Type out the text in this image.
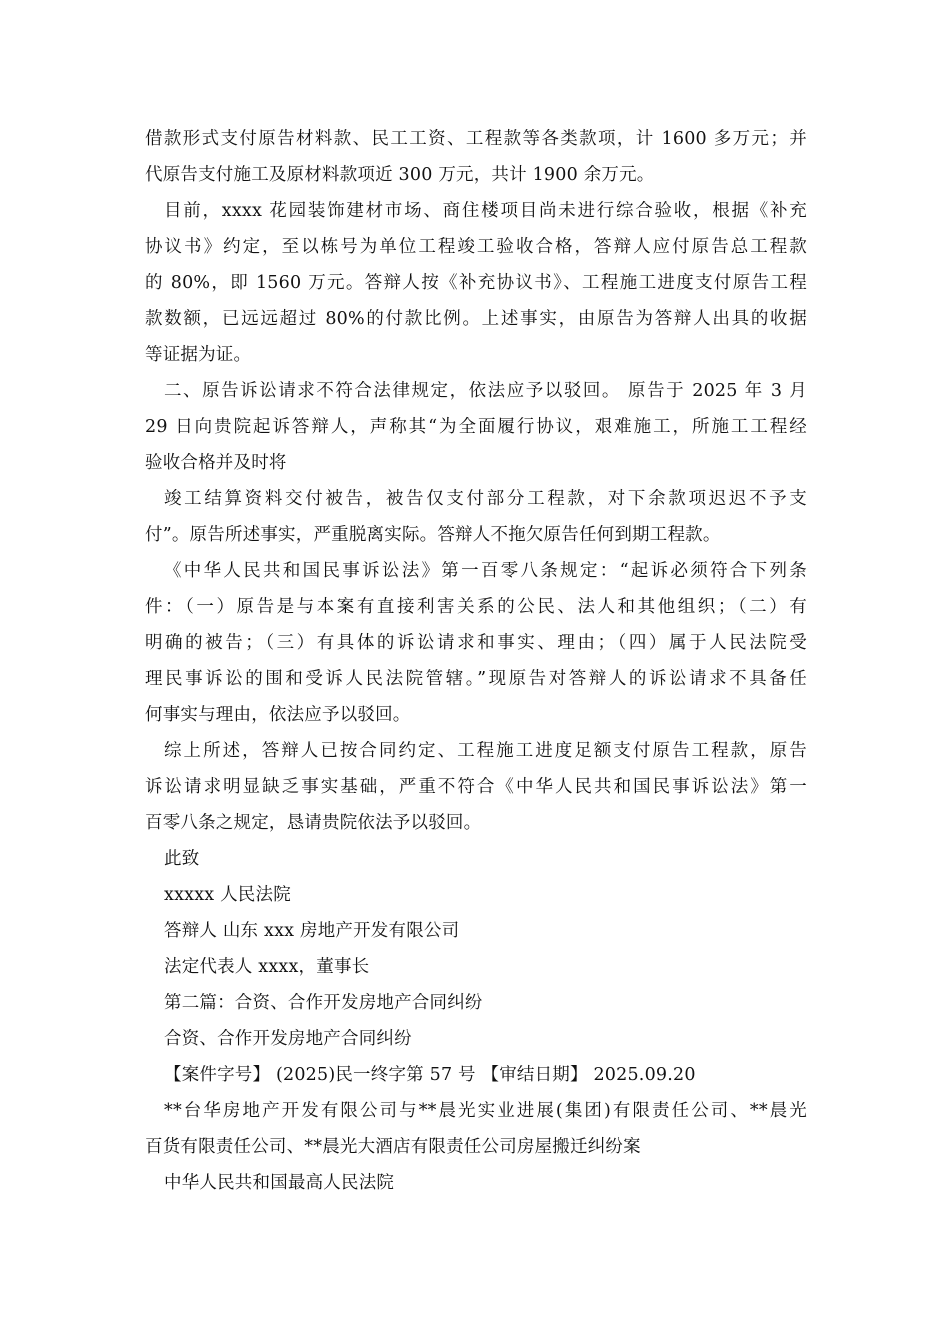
借款形式支付原告材料款、民工工资、工程款等各类款项，计 1600 多万元；并
代原告支付施工及原材料款项近 300 万元，共计 1900 余万元。
目前，xxxx 花园装饰建材市场、商住楼项目尚未进行综合验收，根据《补充
协议书》约定，至以栋号为单位工程竣工验收合格，答辩人应付原告总工程款
的 80%，即 1560 万元。答辩人按《补充协议书》、工程施工进度支付原告工程
款数额，已远远超过 80%的付款比例。上述事实，由原告为答辩人出具的收据
等证据为证。
二、原告诉讼请求不符合法律规定，依法应予以驳回。 原告于 2025 年 3 月
29 日向贵院起诉答辩人，声称其“为全面履行协议，艰难施工，所施工工程经
验收合格并及时将
竣工结算资料交付被告，被告仅支付部分工程款，对下余款项迟迟不予支
付”。原告所述事实，严重脱离实际。答辩人不拖欠原告任何到期工程款。
《中华人民共和国民事诉讼法》第一百零八条规定：“起诉必须符合下列条
件：（一）原告是与本案有直接利害关系的公民、法人和其他组织；（二）有
明确的被告；（三）有具体的诉讼请求和事实、理由；（四）属于人民法院受
理民事诉讼的围和受诉人民法院管辖。”现原告对答辩人的诉讼请求不具备任
何事实与理由，依法应予以驳回。
综上所述，答辩人已按合同约定、工程施工进度足额支付原告工程款，原告
诉讼请求明显缺乏事实基础，严重不符合《中华人民共和国民事诉讼法》第一
百零八条之规定，恳请贵院依法予以驳回。
此致
xxxxx 人民法院
答辩人 山东 xxx 房地产开发有限公司
法定代表人 xxxx，董事长
第二篇：合资、合作开发房地产合同纠纷
合资、合作开发房地产合同纠纷
【案件字号】 (2025)民一终字第 57 号 【审结日期】 2025.09.20
**台华房地产开发有限公司与**晨光实业进展(集团)有限责任公司、**晨光
百货有限责任公司、**晨光大酒店有限责任公司房屋搬迁纠纷案
中华人民共和国最高人民法院
